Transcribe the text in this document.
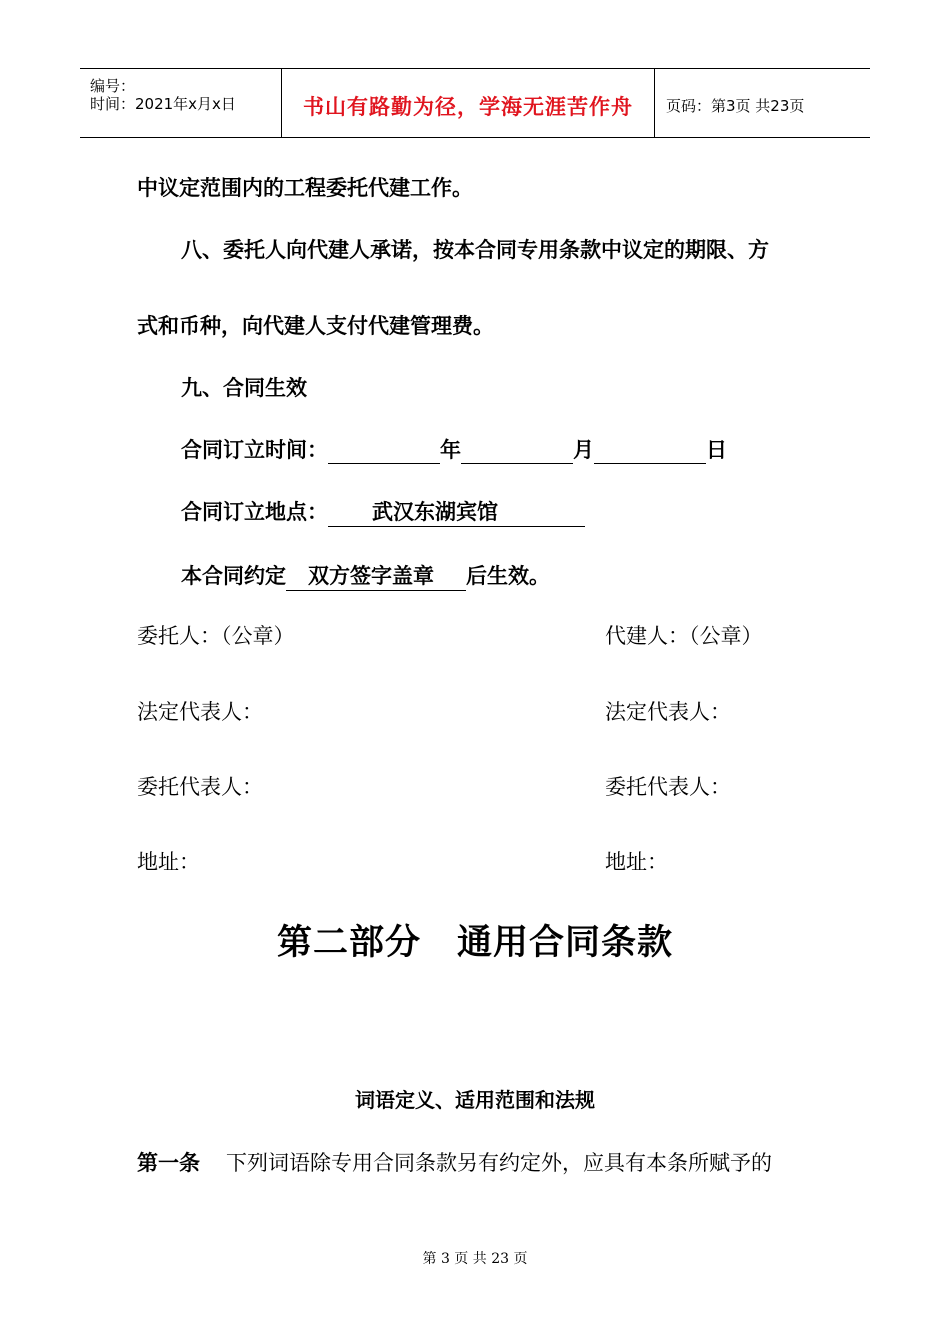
编号：
时间：2021年x月x日	书山有路勤为径，学海无涯苦作舟	页码：第3页 共23页
中议定范围内的工程委托代建工作。
八、委托人向代建人承诺，按本合同专用条款中议定的期限、方
式和币种，向代建人支付代建管理费。
九、合同生效
合同订立时间：	年	月	日
合同订立地点： 武汉东湖宾馆
本合同约定 双方签字盖章 后生效。
委托人：（公章）	代建人：（公章）
法定代表人：	法定代表人：
委托代表人：	委托代表人：
地址：	地址：
第二部分　通用合同条款
词语定义、适用范围和法规
第一条 下列词语除专用合同条款另有约定外，应具有本条所赋予的
第 3 页 共 23 页
